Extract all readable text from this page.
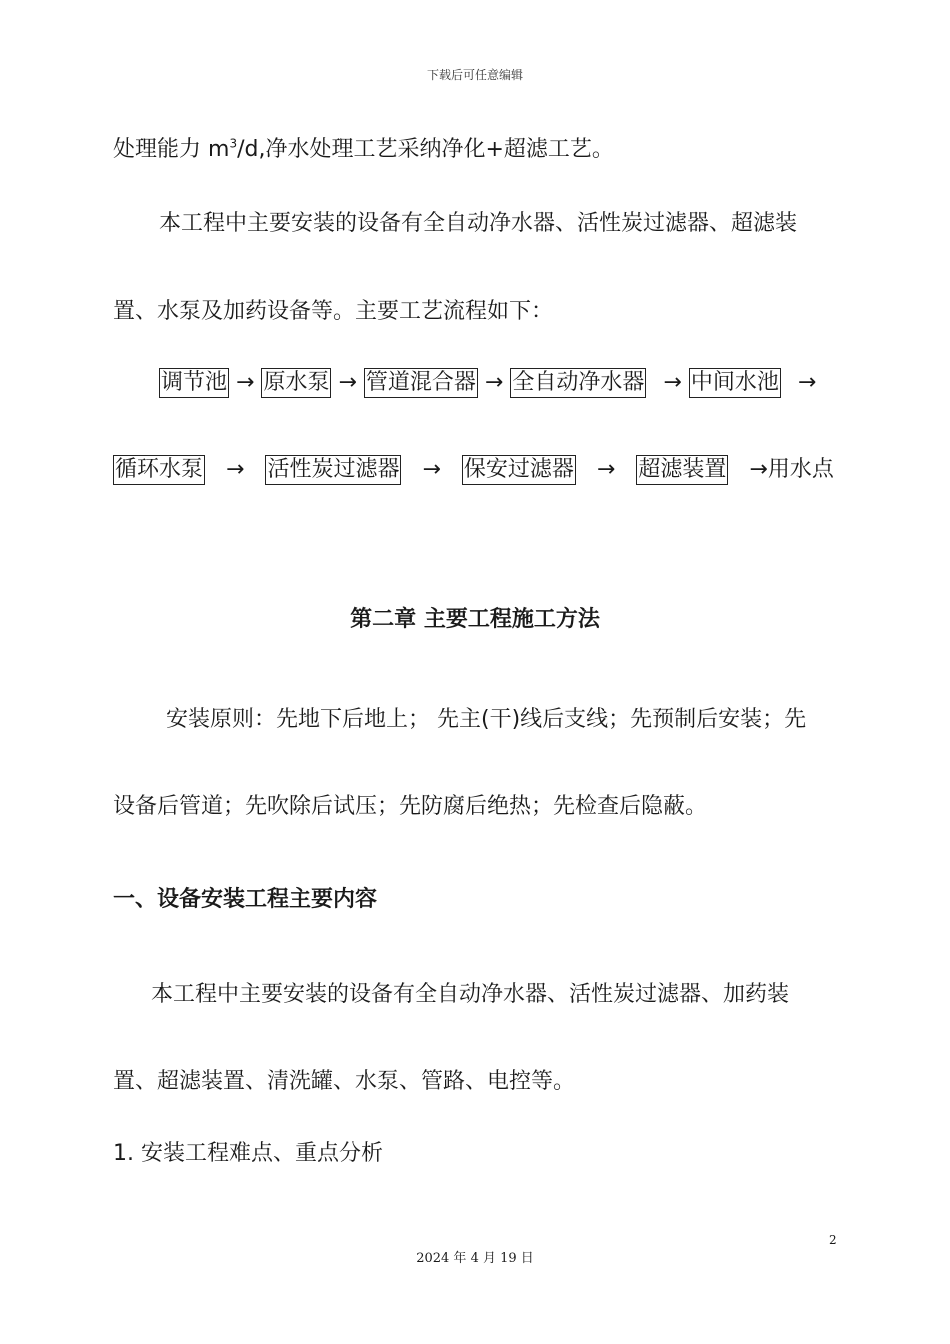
下载后可任意编辑
处理能力 $m^3/d$,净水处理工艺采纳净化+超滤工艺。
本工程中主要安装的设备有全自动净水器、活性炭过滤器、超滤装
置、水泵及加药设备等。主要工艺流程如下：
调节池 → 原水泵 → 管道混合器 → 全自动净水器 → 中间水池 →
循环水泵 → 活性炭过滤器 → 保安过滤器 → 超滤装置 →用水点
第二章 主要工程施工方法
安装原则：先地下后地上； 先主(干)线后支线；先预制后安装；先
设备后管道；先吹除后试压；先防腐后绝热；先检查后隐蔽。
一、设备安装工程主要内容
本工程中主要安装的设备有全自动净水器、活性炭过滤器、加药装
置、超滤装置、清洗罐、水泵、管路、电控等。
1. 安装工程难点、重点分析
2
2024 年 4 月 19 日
